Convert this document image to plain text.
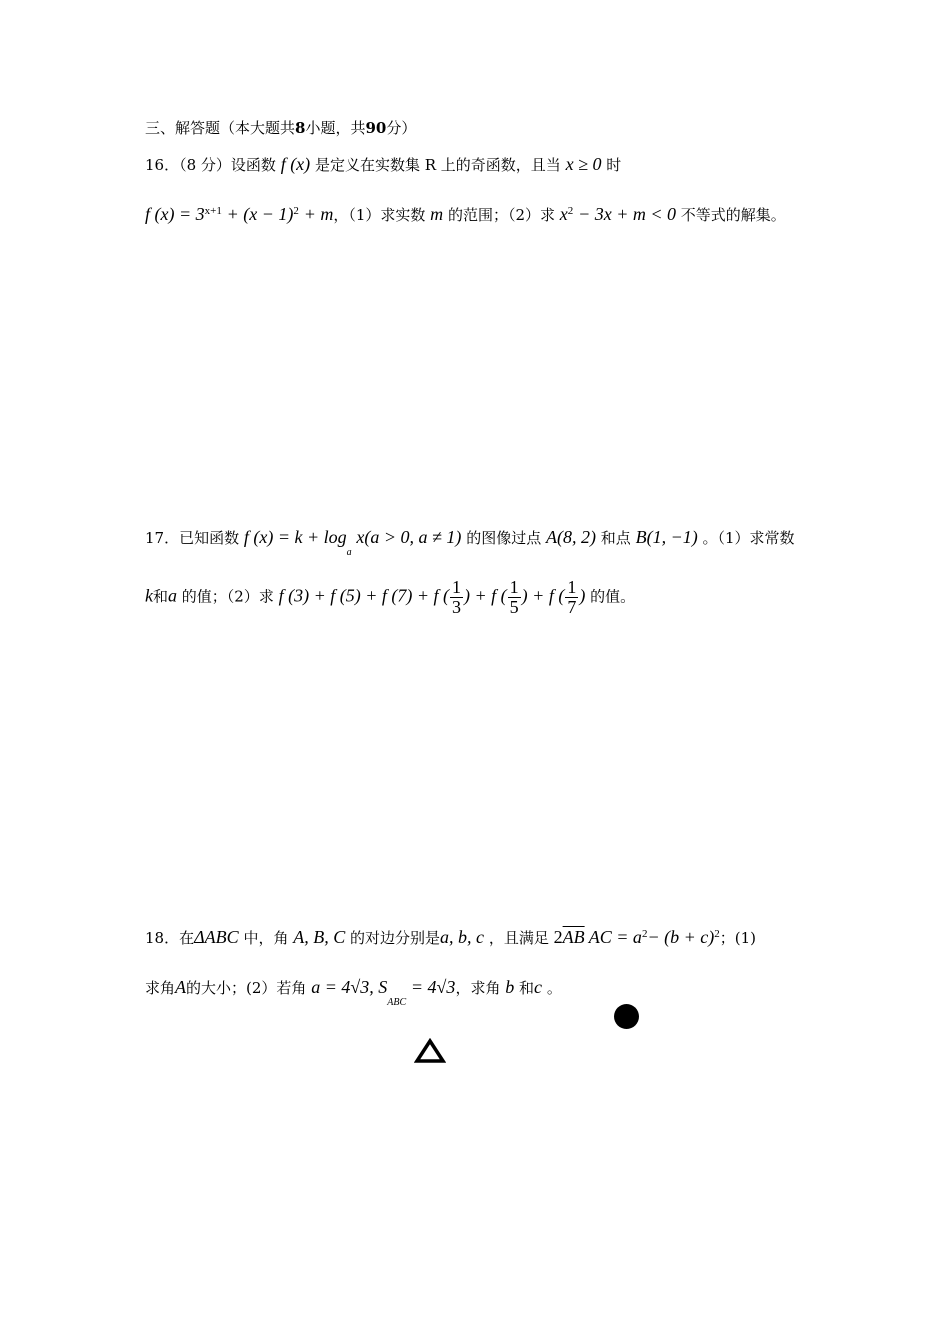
三、解答题（本大题共8小题，共90分）
16．（8 分）设函数 f (x) 是定义在实数集 R 上的奇函数，且当 x ≥ 0 时
f $(x) = 3^{x+1} + (x - 1)^2 + m$，（1）求实数 m 的范围；（2）求 $x^2 - 3x + m < 0$ 不等式的解集。
17．已知函数 f $(x) = k + \log_a x(a > 0$, a ≠ 1) 的图像过点 A(8, 2) 和点 B(1, −1) 。（1）求常数
k和a 的值；（2）求 f (3) + f (5) + f (7) + f ( $\frac{1}{3}$ ) + f ( $\frac{1}{5}$ ) + f ( $\frac{1}{7}$ ) 的值。
18．在ΔABC 中，角 A, B, C 的对边分别是a, b, c ，且满足 $2\overline{AB}$ AC = $a^2- (b + c)^2$；(1)
求角A的大小；(2）若角 a = 4√3, $S_{ABC} = 4√3$，求角 b 和c 。
